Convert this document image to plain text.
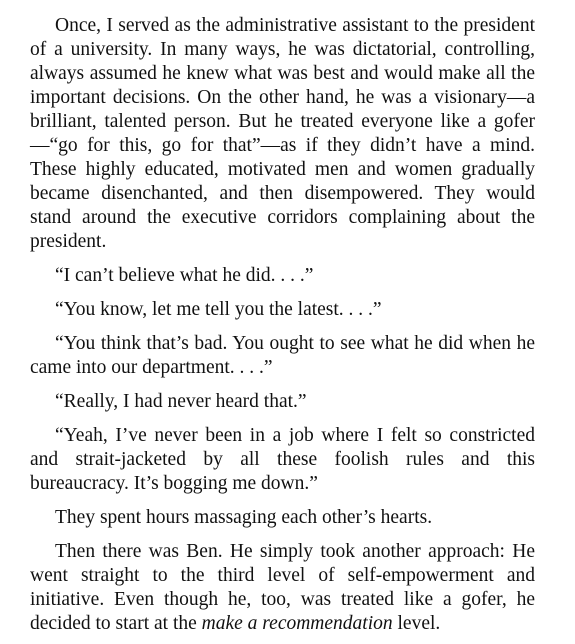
Once, I served as the administrative assistant to the president of a university. In many ways, he was dictatorial, controlling, always assumed he knew what was best and would make all the important decisions. On the other hand, he was a visionary—a brilliant, talented person. But he treated everyone like a gofer—“go for this, go for that”—as if they didn’t have a mind. These highly educated, motivated men and women gradually became disenchanted, and then disempowered. They would stand around the executive corridors complaining about the president.

“I can’t believe what he did. . . .”

“You know, let me tell you the latest. . . .”

“You think that’s bad. You ought to see what he did when he came into our department. . . .”

“Really, I had never heard that.”

“Yeah, I’ve never been in a job where I felt so constricted and strait-jacketed by all these foolish rules and this bureaucracy. It’s bogging me down.”

They spent hours massaging each other’s hearts.

Then there was Ben. He simply took another approach: He went straight to the third level of self-empowerment and initiative. Even though he, too, was treated like a gofer, he decided to start at the make a recommendation level.
